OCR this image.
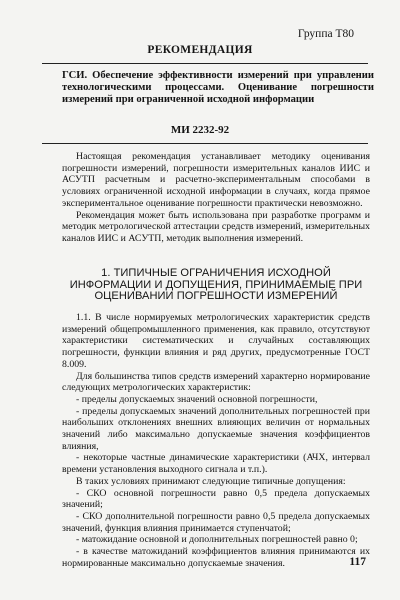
Группа Т80
РЕКОМЕНДАЦИЯ
ГСИ. Обеспечение эффективности измерений при управлении технологическими процессами. Оценивание погрешности измерений при ограниченной исходной информации
МИ 2232-92

Настоящая рекомендация устанавливает методику оценивания погрешности измерений, погрешности измерительных каналов ИИС и АСУТП расчетным и расчетно-экспериментальным способами в условиях ограниченной исходной информации в случаях, когда прямое экспериментальное оценивание погрешности практически невозможно.

Рекомендация может быть использована при разработке программ и методик метрологической аттестации средств измерений, измерительных каналов ИИС и АСУТП, методик выполнения измерений.

1. ТИПИЧНЫЕ ОГРАНИЧЕНИЯ ИСХОДНОЙ ИНФОРМАЦИИ И ДОПУЩЕНИЯ, ПРИНИМАЕМЫЕ ПРИ ОЦЕНИВАНИИ ПОГРЕШНОСТИ ИЗМЕРЕНИЙ

1.1. В числе нормируемых метрологических характеристик средств измерений общепромышленного применения, как правило, отсутствуют характеристики систематических и случайных составляющих погрешности, функции влияния и ряд других, предусмотренные ГОСТ 8.009.

Для большинства типов средств измерений характерно нормирование следующих метрологических характеристик:

- пределы допускаемых значений основной погрешности,

- пределы допускаемых значений дополнительных погрешностей при наибольших отклонениях внешних влияющих величин от нормальных значений либо максимально допускаемые значения коэффициентов влияния,

- некоторые частные динамические характеристики (АЧХ, интервал времени установления выходного сигнала и т.п.).

В таких условиях принимают следующие типичные допущения:

- СКО основной погрешности равно 0,5 предела допускаемых значений;

- СКО дополнительной погрешности равно 0,5 предела допускаемых значений, функция влияния принимается ступенчатой;

- матожидание основной и дополнительных погрешностей равно 0;

- в качестве матожиданий коэффициентов влияния принимаются их нормированные максимально допускаемые значения.	117
